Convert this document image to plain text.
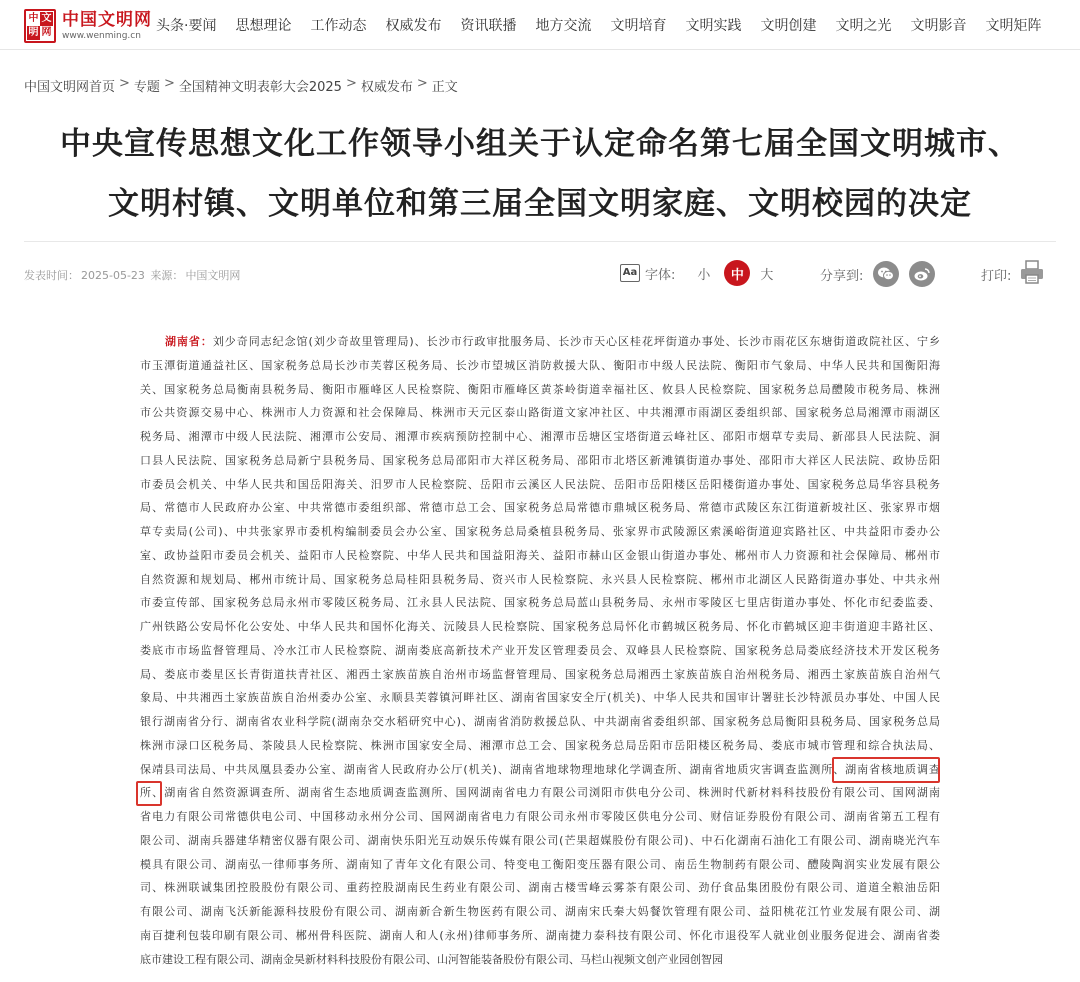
中 文
明 网
中国文明网
www.wenming.cn
头条·要闻 思想理论 工作动态 权威发布 资讯联播 地方交流 文明培育 文明实践 文明创建 文明之光 文明影音 文明矩阵
中国文明网首页 > 专题 > 全国精神文明表彰大会2025 > 权威发布 > 正文
中央宣传思想文化工作领导小组关于认定命名第七届全国文明城市、
文明村镇、文明单位和第三届全国文明家庭、文明校园的决定
发表时间： 2025-05-23 来源： 中国文明网	Aa 字体: 小	中	大	分享到:	打印:
湖南省：刘少奇同志纪念馆(刘少奇故里管理局)、长沙市行政审批服务局、长沙市天心区桂花坪街道办事处、长沙市雨花区东塘街道政院社区、宁乡
市玉潭街道通益社区、国家税务总局长沙市芙蓉区税务局、长沙市望城区消防救援大队、衡阳市中级人民法院、衡阳市气象局、中华人民共和国衡阳海
关、国家税务总局衡南县税务局、衡阳市雁峰区人民检察院、衡阳市雁峰区黄茶岭街道幸福社区、攸县人民检察院、国家税务总局醴陵市税务局、株洲
市公共资源交易中心、株洲市人力资源和社会保障局、株洲市天元区泰山路街道文家冲社区、中共湘潭市雨湖区委组织部、国家税务总局湘潭市雨湖区
税务局、湘潭市中级人民法院、湘潭市公安局、湘潭市疾病预防控制中心、湘潭市岳塘区宝塔街道云峰社区、邵阳市烟草专卖局、新邵县人民法院、洞
口县人民法院、国家税务总局新宁县税务局、国家税务总局邵阳市大祥区税务局、邵阳市北塔区新滩镇街道办事处、邵阳市大祥区人民法院、政协岳阳
市委员会机关、中华人民共和国岳阳海关、汨罗市人民检察院、岳阳市云溪区人民法院、岳阳市岳阳楼区岳阳楼街道办事处、国家税务总局华容县税务
局、常德市人民政府办公室、中共常德市委组织部、常德市总工会、国家税务总局常德市鼎城区税务局、常德市武陵区东江街道新坡社区、张家界市烟
草专卖局(公司)、中共张家界市委机构编制委员会办公室、国家税务总局桑植县税务局、张家界市武陵源区索溪峪街道迎宾路社区、中共益阳市委办公
室、政协益阳市委员会机关、益阳市人民检察院、中华人民共和国益阳海关、益阳市赫山区金银山街道办事处、郴州市人力资源和社会保障局、郴州市
自然资源和规划局、郴州市统计局、国家税务总局桂阳县税务局、资兴市人民检察院、永兴县人民检察院、郴州市北湖区人民路街道办事处、中共永州
市委宣传部、国家税务总局永州市零陵区税务局、江永县人民法院、国家税务总局蓝山县税务局、永州市零陵区七里店街道办事处、怀化市纪委监委、
广州铁路公安局怀化公安处、中华人民共和国怀化海关、沅陵县人民检察院、国家税务总局怀化市鹤城区税务局、怀化市鹤城区迎丰街道迎丰路社区、
娄底市市场监督管理局、冷水江市人民检察院、湖南娄底高新技术产业开发区管理委员会、双峰县人民检察院、国家税务总局娄底经济技术开发区税务
局、娄底市娄星区长青街道扶青社区、湘西土家族苗族自治州市场监督管理局、国家税务总局湘西土家族苗族自治州税务局、湘西土家族苗族自治州气
象局、中共湘西土家族苗族自治州委办公室、永顺县芙蓉镇河畔社区、湖南省国家安全厅(机关)、中华人民共和国审计署驻长沙特派员办事处、中国人民
银行湖南省分行、湖南省农业科学院(湖南杂交水稻研究中心)、湖南省消防救援总队、中共湖南省委组织部、国家税务总局衡阳县税务局、国家税务总局
株洲市渌口区税务局、茶陵县人民检察院、株洲市国家安全局、湘潭市总工会、国家税务总局岳阳市岳阳楼区税务局、娄底市城市管理和综合执法局、
保靖县司法局、中共凤凰县委办公室、湖南省人民政府办公厅(机关)、湖南省地球物理地球化学调查所、湖南省地质灾害调查监测所、湖南省核地质调查
所、湖南省自然资源调查所、湖南省生态地质调查监测所、国网湖南省电力有限公司浏阳市供电分公司、株洲时代新材料科技股份有限公司、国网湖南
省电力有限公司常德供电公司、中国移动永州分公司、国网湖南省电力有限公司永州市零陵区供电分公司、财信证券股份有限公司、湖南省第五工程有
限公司、湖南兵器建华精密仪器有限公司、湖南快乐阳光互动娱乐传媒有限公司(芒果超媒股份有限公司)、中石化湖南石油化工有限公司、湖南晓光汽车
模具有限公司、湖南弘一律师事务所、湖南知了青年文化有限公司、特变电工衡阳变压器有限公司、南岳生物制药有限公司、醴陵陶润实业发展有限公
司、株洲联诚集团控股股份有限公司、重药控股湖南民生药业有限公司、湖南古楼雪峰云雾茶有限公司、劲仔食品集团股份有限公司、道道全粮油岳阳
有限公司、湖南飞沃新能源科技股份有限公司、湖南新合新生物医药有限公司、湖南宋氏秦大妈餐饮管理有限公司、益阳桃花江竹业发展有限公司、湖
南百捷利包装印刷有限公司、郴州骨科医院、湖南人和人(永州)律师事务所、湖南捷力泰科技有限公司、怀化市退役军人就业创业服务促进会、湖南省娄
底市建设工程有限公司、湖南金昊新材料科技股份有限公司、山河智能装备股份有限公司、马栏山视频文创产业园创智园
